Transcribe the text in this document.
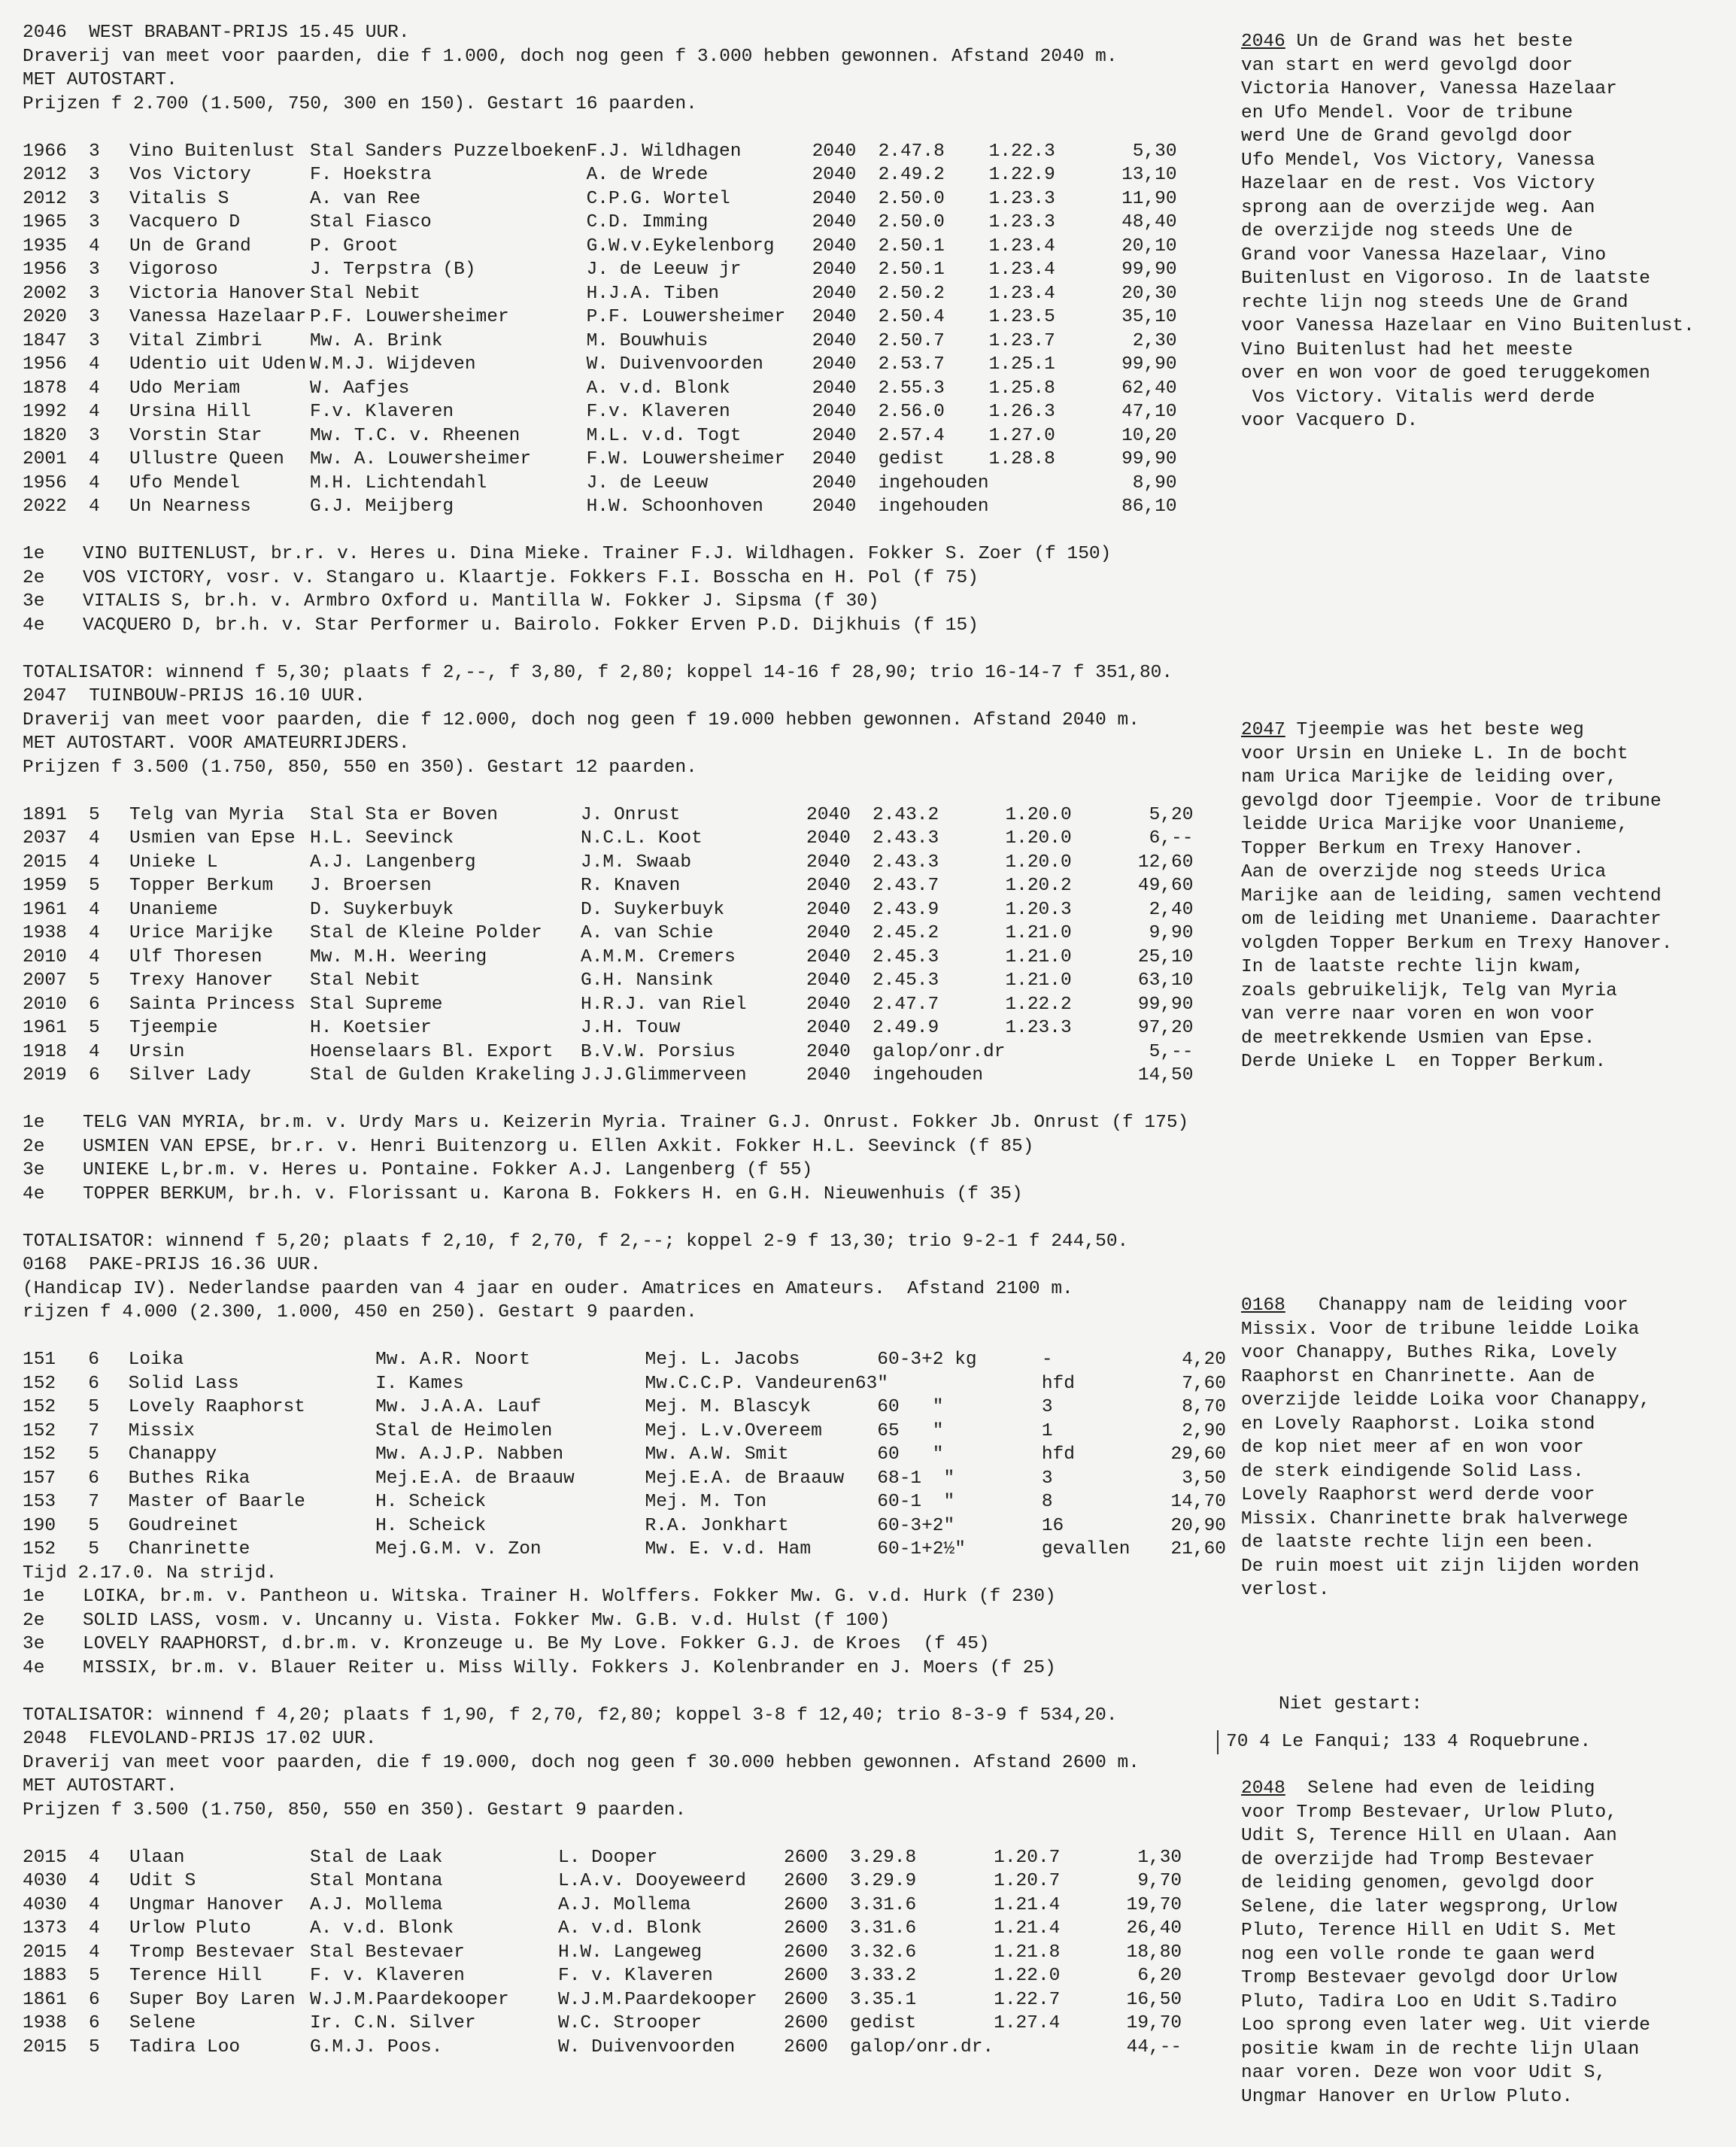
2046  WEST BRABANT-PRIJS 15.45 UUR.
Draverij van meet voor paarden, die f 1.000, doch nog geen f 3.000 hebben gewonnen. Afstand 2040 m.
MET AUTOSTART.
Prijzen f 2.700 (1.500, 750, 300 en 150). Gestart 16 paarden.
1966	3	Vino Buitenlust	Stal Sanders Puzzelboeken	F.J. Wildhagen	2040	2.47.8	1.22.3	5,30
2012	3	Vos Victory	F. Hoekstra	A. de Wrede	2040	2.49.2	1.22.9	13,10
2012	3	Vitalis S	A. van Ree	C.P.G. Wortel	2040	2.50.0	1.23.3	11,90
1965	3	Vacquero D	Stal Fiasco	C.D. Imming	2040	2.50.0	1.23.3	48,40
1935	4	Un de Grand	P. Groot	G.W.v.Eykelenborg	2040	2.50.1	1.23.4	20,10
1956	3	Vigoroso	J. Terpstra (B)	J. de Leeuw jr	2040	2.50.1	1.23.4	99,90
2002	3	Victoria Hanover	Stal Nebit	H.J.A. Tiben	2040	2.50.2	1.23.4	20,30
2020	3	Vanessa Hazelaar	P.F. Louwersheimer	P.F. Louwersheimer	2040	2.50.4	1.23.5	35,10
1847	3	Vital Zimbri	Mw. A. Brink	M. Bouwhuis	2040	2.50.7	1.23.7	2,30
1956	4	Udentio uit Uden	W.M.J. Wijdeven	W. Duivenvoorden	2040	2.53.7	1.25.1	99,90
1878	4	Udo Meriam	W. Aafjes	A. v.d. Blonk	2040	2.55.3	1.25.8	62,40
1992	4	Ursina Hill	F.v. Klaveren	F.v. Klaveren	2040	2.56.0	1.26.3	47,10
1820	3	Vorstin Star	Mw. T.C. v. Rheenen	M.L. v.d. Togt	2040	2.57.4	1.27.0	10,20
2001	4	Ullustre Queen	Mw. A. Louwersheimer	F.W. Louwersheimer	2040	gedist	1.28.8	99,90
1956	4	Ufo Mendel	M.H. Lichtendahl	J. de Leeuw	2040	ingehouden		8,90
2022	4	Un Nearness	G.J. Meijberg	H.W. Schoonhoven	2040	ingehouden		86,10
1e VINO BUITENLUST, br.r. v. Heres u. Dina Mieke. Trainer F.J. Wildhagen. Fokker S. Zoer (f 150)
2e VOS VICTORY, vosr. v. Stangaro u. Klaartje. Fokkers F.I. Bosscha en H. Pol (f 75)
3e VITALIS S, br.h. v. Armbro Oxford u. Mantilla W. Fokker J. Sipsma (f 30)
4e VACQUERO D, br.h. v. Star Performer u. Bairolo. Fokker Erven P.D. Dijkhuis (f 15)
TOTALISATOR: winnend f 5,30; plaats f 2,--, f 3,80, f 2,80; koppel 14-16 f 28,90; trio 16-14-7 f 351,80.
2047  TUINBOUW-PRIJS 16.10 UUR.
Draverij van meet voor paarden, die f 12.000, doch nog geen f 19.000 hebben gewonnen. Afstand 2040 m.
MET AUTOSTART. VOOR AMATEURRIJDERS.
Prijzen f 3.500 (1.750, 850, 550 en 350). Gestart 12 paarden.
1891	5	Telg van Myria	Stal Sta er Boven	J. Onrust	2040	2.43.2	1.20.0	5,20
2037	4	Usmien van Epse	H.L. Seevinck	N.C.L. Koot	2040	2.43.3	1.20.0	6,--
2015	4	Unieke L	A.J. Langenberg	J.M. Swaab	2040	2.43.3	1.20.0	12,60
1959	5	Topper Berkum	J. Broersen	R. Knaven	2040	2.43.7	1.20.2	49,60
1961	4	Unanieme	D. Suykerbuyk	D. Suykerbuyk	2040	2.43.9	1.20.3	2,40
1938	4	Urice Marijke	Stal de Kleine Polder	A. van Schie	2040	2.45.2	1.21.0	9,90
2010	4	Ulf Thoresen	Mw. M.H. Weering	A.M.M. Cremers	2040	2.45.3	1.21.0	25,10
2007	5	Trexy Hanover	Stal Nebit	G.H. Nansink	2040	2.45.3	1.21.0	63,10
2010	6	Sainta Princess	Stal Supreme	H.R.J. van Riel	2040	2.47.7	1.22.2	99,90
1961	5	Tjeempie	H. Koetsier	J.H. Touw	2040	2.49.9	1.23.3	97,20
1918	4	Ursin	Hoenselaars Bl. Export	B.V.W. Porsius	2040	galop/onr.dr		5,--
2019	6	Silver Lady	Stal de Gulden Krakeling	J.J.Glimmerveen	2040	ingehouden		14,50
1e TELG VAN MYRIA, br.m. v. Urdy Mars u. Keizerin Myria. Trainer G.J. Onrust. Fokker Jb. Onrust (f 175)
2e USMIEN VAN EPSE, br.r. v. Henri Buitenzorg u. Ellen Axkit. Fokker H.L. Seevinck (f 85)
3e UNIEKE L,br.m. v. Heres u. Pontaine. Fokker A.J. Langenberg (f 55)
4e TOPPER BERKUM, br.h. v. Florissant u. Karona B. Fokkers H. en G.H. Nieuwenhuis (f 35)
TOTALISATOR: winnend f 5,20; plaats f 2,10, f 2,70, f 2,--; koppel 2-9 f 13,30; trio 9-2-1 f 244,50.
0168  PAKE-PRIJS 16.36 UUR.
(Handicap IV). Nederlandse paarden van 4 jaar en ouder. Amatrices en Amateurs.  Afstand 2100 m.
rijzen f 4.000 (2.300, 1.000, 450 en 250). Gestart 9 paarden.
151	6	Loika	Mw. A.R. Noort	Mej. L. Jacobs	60-3+2 kg	-	4,20
152	6	Solid Lass	I. Kames	Mw.C.C.P. Vandeuren63	"	hfd	7,60
152	5	Lovely Raaphorst	Mw. J.A.A. Lauf	Mej. M. Blascyk	60   "	3	8,70
152	7	Missix	Stal de Heimolen	Mej. L.v.Overeem	65   "	1	2,90
152	5	Chanappy	Mw. A.J.P. Nabben	Mw. A.W. Smit	60   "	hfd	29,60
157	6	Buthes Rika	Mej.E.A. de Braauw	Mej.E.A. de Braauw	68-1  "	3	3,50
153	7	Master of Baarle	H. Scheick	Mej. M. Ton	60-1  "	8	14,70
190	5	Goudreinet	H. Scheick	R.A. Jonkhart	60-3+2"	16	20,90
152	5	Chanrinette	Mej.G.M. v. Zon	Mw. E. v.d. Ham	60-1+2½"	gevallen	21,60
Tijd 2.17.0. Na strijd.
1e LOIKA, br.m. v. Pantheon u. Witska. Trainer H. Wolffers. Fokker Mw. G. v.d. Hurk (f 230)
2e SOLID LASS, vosm. v. Uncanny u. Vista. Fokker Mw. G.B. v.d. Hulst (f 100)
3e LOVELY RAAPHORST, d.br.m. v. Kronzeuge u. Be My Love. Fokker G.J. de Kroes  (f 45)
4e MISSIX, br.m. v. Blauer Reiter u. Miss Willy. Fokkers J. Kolenbrander en J. Moers (f 25)
TOTALISATOR: winnend f 4,20; plaats f 1,90, f 2,70, f2,80; koppel 3-8 f 12,40; trio 8-3-9 f 534,20.
2048  FLEVOLAND-PRIJS 17.02 UUR.
Draverij van meet voor paarden, die f 19.000, doch nog geen f 30.000 hebben gewonnen. Afstand 2600 m.
MET AUTOSTART.
Prijzen f 3.500 (1.750, 850, 550 en 350). Gestart 9 paarden.
2015	4	Ulaan	Stal de Laak	L. Dooper	2600	3.29.8	1.20.7	1,30
4030	4	Udit S	Stal Montana	L.A.v. Dooyeweerd	2600	3.29.9	1.20.7	9,70
4030	4	Ungmar Hanover	A.J. Mollema	A.J. Mollema	2600	3.31.6	1.21.4	19,70
1373	4	Urlow Pluto	A. v.d. Blonk	A. v.d. Blonk	2600	3.31.6	1.21.4	26,40
2015	4	Tromp Bestevaer	Stal Bestevaer	H.W. Langeweg	2600	3.32.6	1.21.8	18,80
1883	5	Terence Hill	F. v. Klaveren	F. v. Klaveren	2600	3.33.2	1.22.0	6,20
1861	6	Super Boy Laren	W.J.M.Paardekooper	W.J.M.Paardekooper	2600	3.35.1	1.22.7	16,50
1938	6	Selene	Ir. C.N. Silver	W.C. Strooper	2600	gedist	1.27.4	19,70
2015	5	Tadira Loo	G.M.J. Poos.	W. Duivenvoorden	2600	galop/onr.dr.		44,--
2046 Un de Grand was het beste
van start en werd gevolgd door
Victoria Hanover, Vanessa Hazelaar
en Ufo Mendel. Voor de tribune
werd Une de Grand gevolgd door
Ufo Mendel, Vos Victory, Vanessa
Hazelaar en de rest. Vos Victory
sprong aan de overzijde weg. Aan
de overzijde nog steeds Une de
Grand voor Vanessa Hazelaar, Vino
Buitenlust en Vigoroso. In de laatste
rechte lijn nog steeds Une de Grand
voor Vanessa Hazelaar en Vino Buitenlust.
Vino Buitenlust had het meeste
over en won voor de goed teruggekomen
Vos Victory. Vitalis werd derde
voor Vacquero D.
2047 Tjeempie was het beste weg
voor Ursin en Unieke L. In de bocht
nam Urica Marijke de leiding over,
gevolgd door Tjeempie. Voor de tribune
leidde Urica Marijke voor Unanieme,
Topper Berkum en Trexy Hanover.
Aan de overzijde nog steeds Urica
Marijke aan de leiding, samen vechtend
om de leiding met Unanieme. Daarachter
volgden Topper Berkum en Trexy Hanover.
In de laatste rechte lijn kwam,
zoals gebruikelijk, Telg van Myria
van verre naar voren en won voor
de meetrekkende Usmien van Epse.
Derde Unieke L  en Topper Berkum.
0168   Chanappy nam de leiding voor
Missix. Voor de tribune leidde Loika
voor Chanappy, Buthes Rika, Lovely
Raaphorst en Chanrinette. Aan de
overzijde leidde Loika voor Chanappy,
en Lovely Raaphorst. Loika stond
de kop niet meer af en won voor
de sterk eindigende Solid Lass.
Lovely Raaphorst werd derde voor
Missix. Chanrinette brak halverwege
de laatste rechte lijn een been.
De ruin moest uit zijn lijden worden
verlost.
Niet gestart:
70 4 Le Fanqui; 133 4 Roquebrune.
2048  Selene had even de leiding
voor Tromp Bestevaer, Urlow Pluto,
Udit S, Terence Hill en Ulaan. Aan
de overzijde had Tromp Bestevaer
de leiding genomen, gevolgd door
Selene, die later wegsprong, Urlow
Pluto, Terence Hill en Udit S. Met
nog een volle ronde te gaan werd
Tromp Bestevaer gevolgd door Urlow
Pluto, Tadira Loo en Udit S.Tadiro
Loo sprong even later weg. Uit vierde
positie kwam in de rechte lijn Ulaan
naar voren. Deze won voor Udit S,
Ungmar Hanover en Urlow Pluto.
